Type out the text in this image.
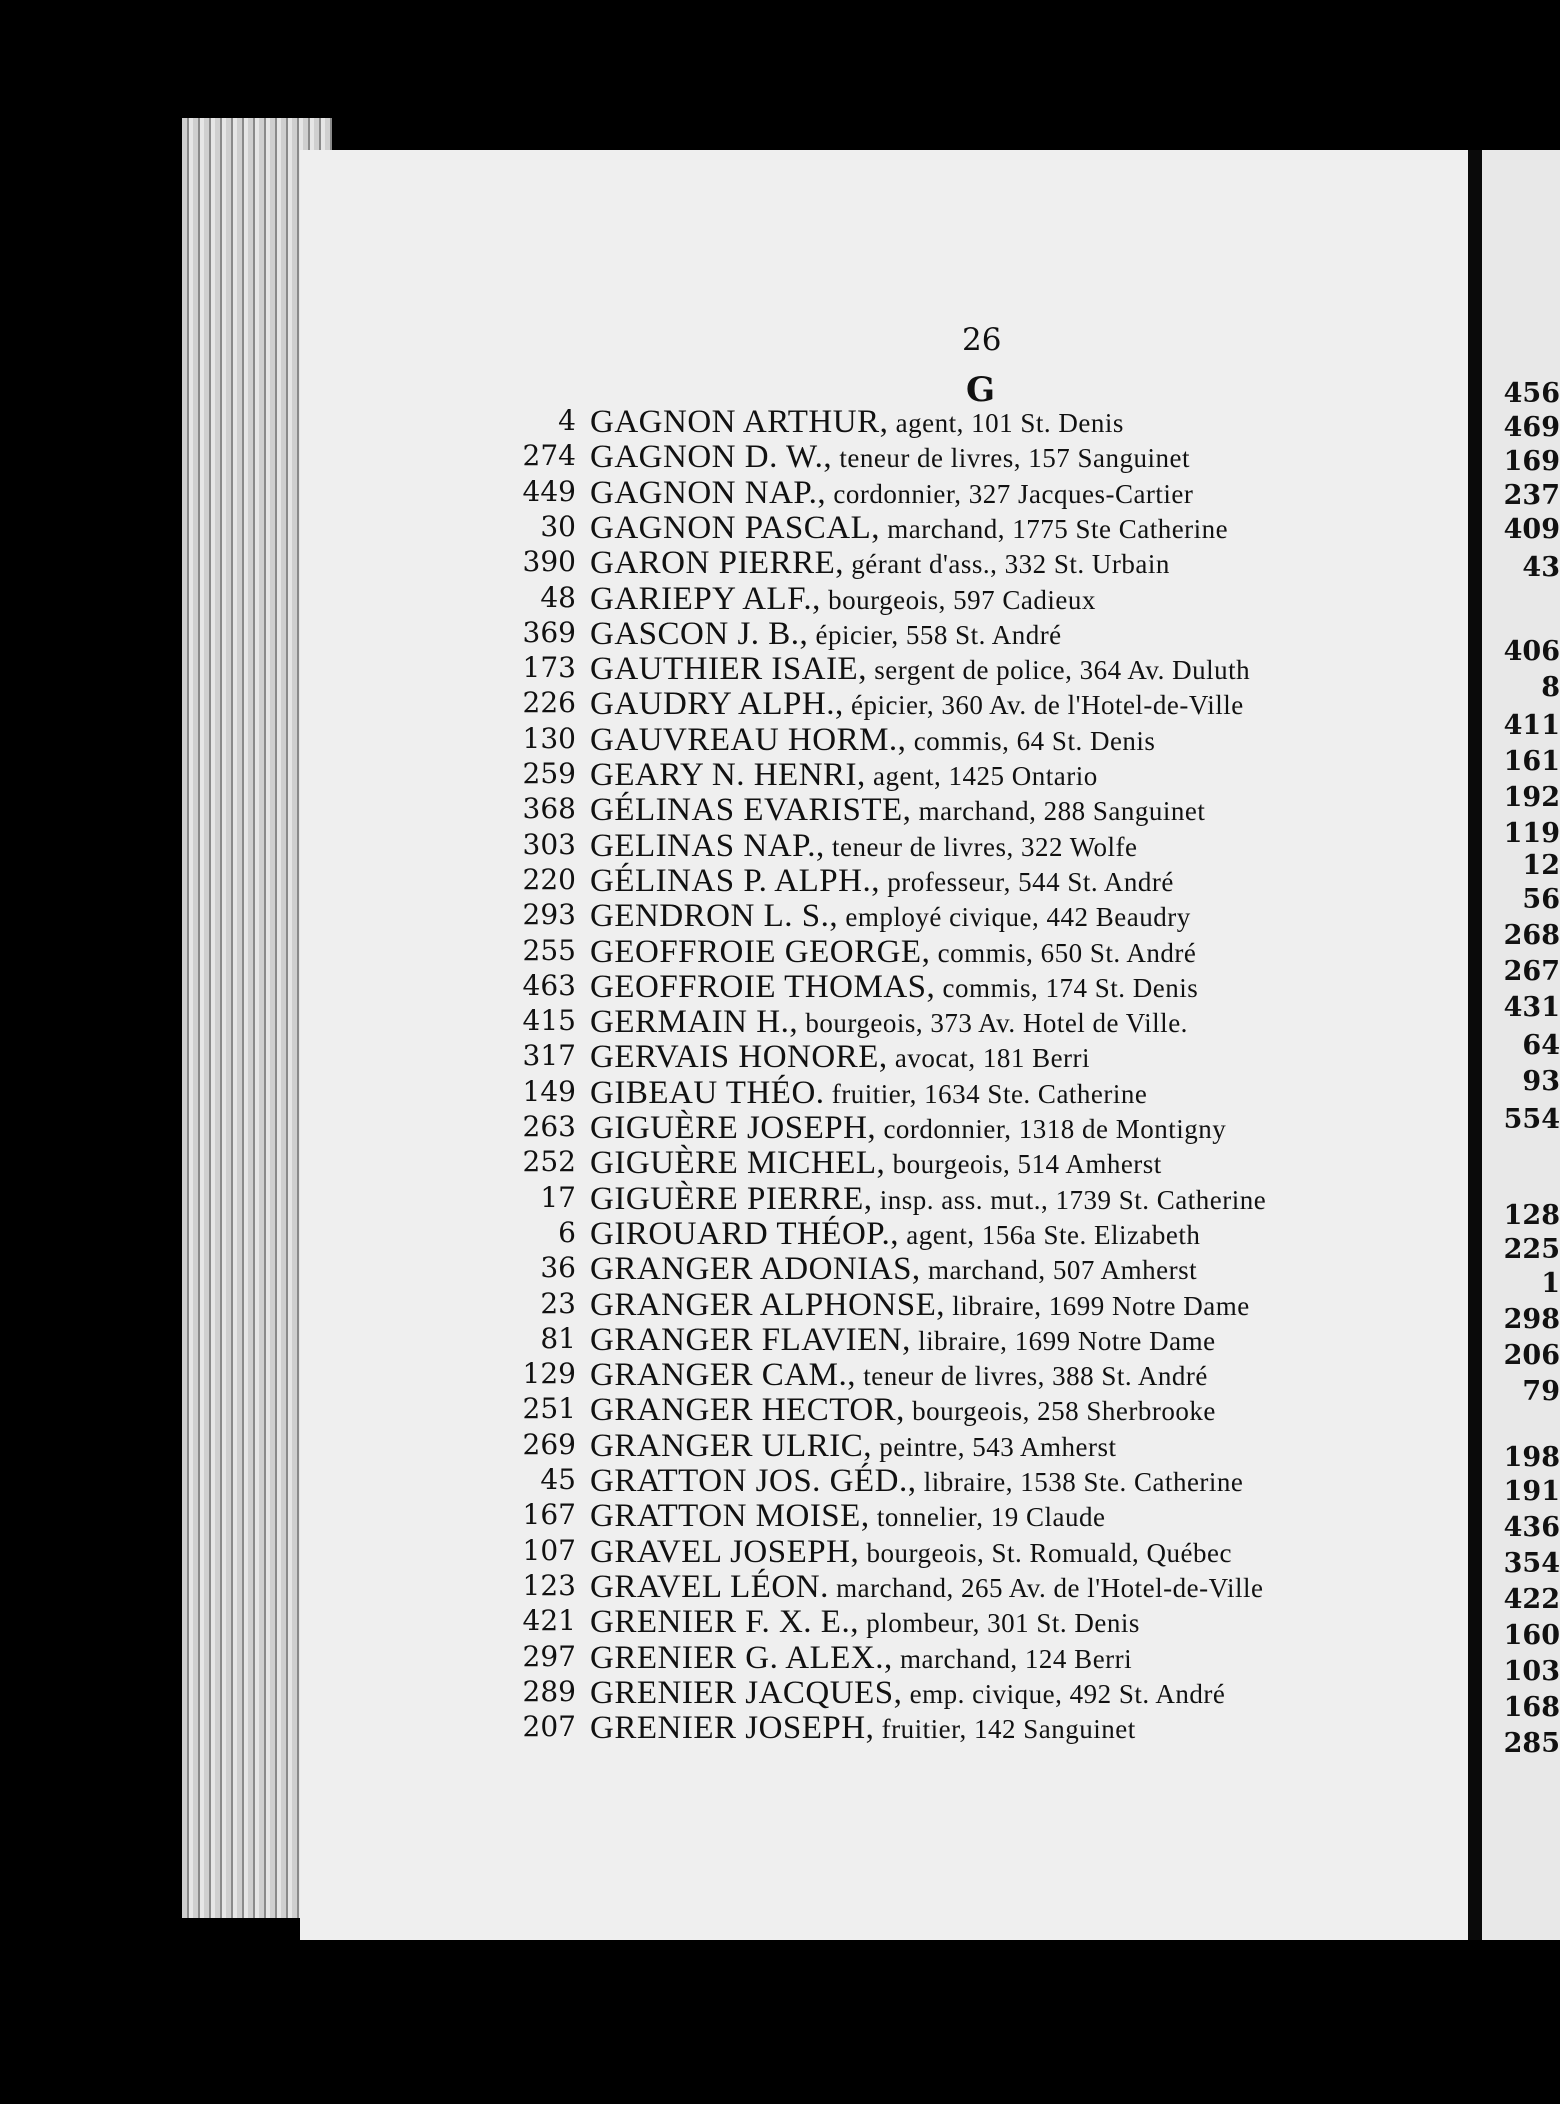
26
G
4 GAGNON ARTHUR, agent, 101 St. Denis
274 GAGNON D. W., teneur de livres, 157 Sanguinet
449 GAGNON NAP., cordonnier, 327 Jacques-Cartier
30 GAGNON PASCAL, marchand, 1775 Ste Catherine
390 GARON PIERRE, gérant d'ass., 332 St. Urbain
48 GARIEPY ALF., bourgeois, 597 Cadieux
369 GASCON J. B., épicier, 558 St. André
173 GAUTHIER ISAIE, sergent de police, 364 Av. Duluth
226 GAUDRY ALPH., épicier, 360 Av. de l'Hotel-de-Ville
130 GAUVREAU HORM., commis, 64 St. Denis
259 GEARY N. HENRI, agent, 1425 Ontario
368 GÉLINAS EVARISTE, marchand, 288 Sanguinet
303 GELINAS NAP., teneur de livres, 322 Wolfe
220 GÉLINAS P. ALPH., professeur, 544 St. André
293 GENDRON L. S., employé civique, 442 Beaudry
255 GEOFFROIE GEORGE, commis, 650 St. André
463 GEOFFROIE THOMAS, commis, 174 St. Denis
415 GERMAIN H., bourgeois, 373 Av. Hotel de Ville.
317 GERVAIS HONORE, avocat, 181 Berri
149 GIBEAU THÉO. fruitier, 1634 Ste. Catherine
263 GIGUÈRE JOSEPH, cordonnier, 1318 de Montigny
252 GIGUÈRE MICHEL, bourgeois, 514 Amherst
17 GIGUÈRE PIERRE, insp. ass. mut., 1739 St. Catherine
6 GIROUARD THÉOP., agent, 156a Ste. Elizabeth
36 GRANGER ADONIAS, marchand, 507 Amherst
23 GRANGER ALPHONSE, libraire, 1699 Notre Dame
81 GRANGER FLAVIEN, libraire, 1699 Notre Dame
129 GRANGER CAM., teneur de livres, 388 St. André
251 GRANGER HECTOR, bourgeois, 258 Sherbrooke
269 GRANGER ULRIC, peintre, 543 Amherst
45 GRATTON JOS. GÉD., libraire, 1538 Ste. Catherine
167 GRATTON MOISE, tonnelier, 19 Claude
107 GRAVEL JOSEPH, bourgeois, St. Romuald, Québec
123 GRAVEL LÉON. marchand, 265 Av. de l'Hotel-de-Ville
421 GRENIER F. X. E., plombeur, 301 St. Denis
297 GRENIER G. ALEX., marchand, 124 Berri
289 GRENIER JACQUES, emp. civique, 492 St. André
207 GRENIER JOSEPH, fruitier, 142 Sanguinet
456
469
169
237
409
43
406
8
411
161
192
119
12
56
268
267
431
64
93
554
128
225
1
298
206
79
198
191
436
354
422
160
103
168
285
